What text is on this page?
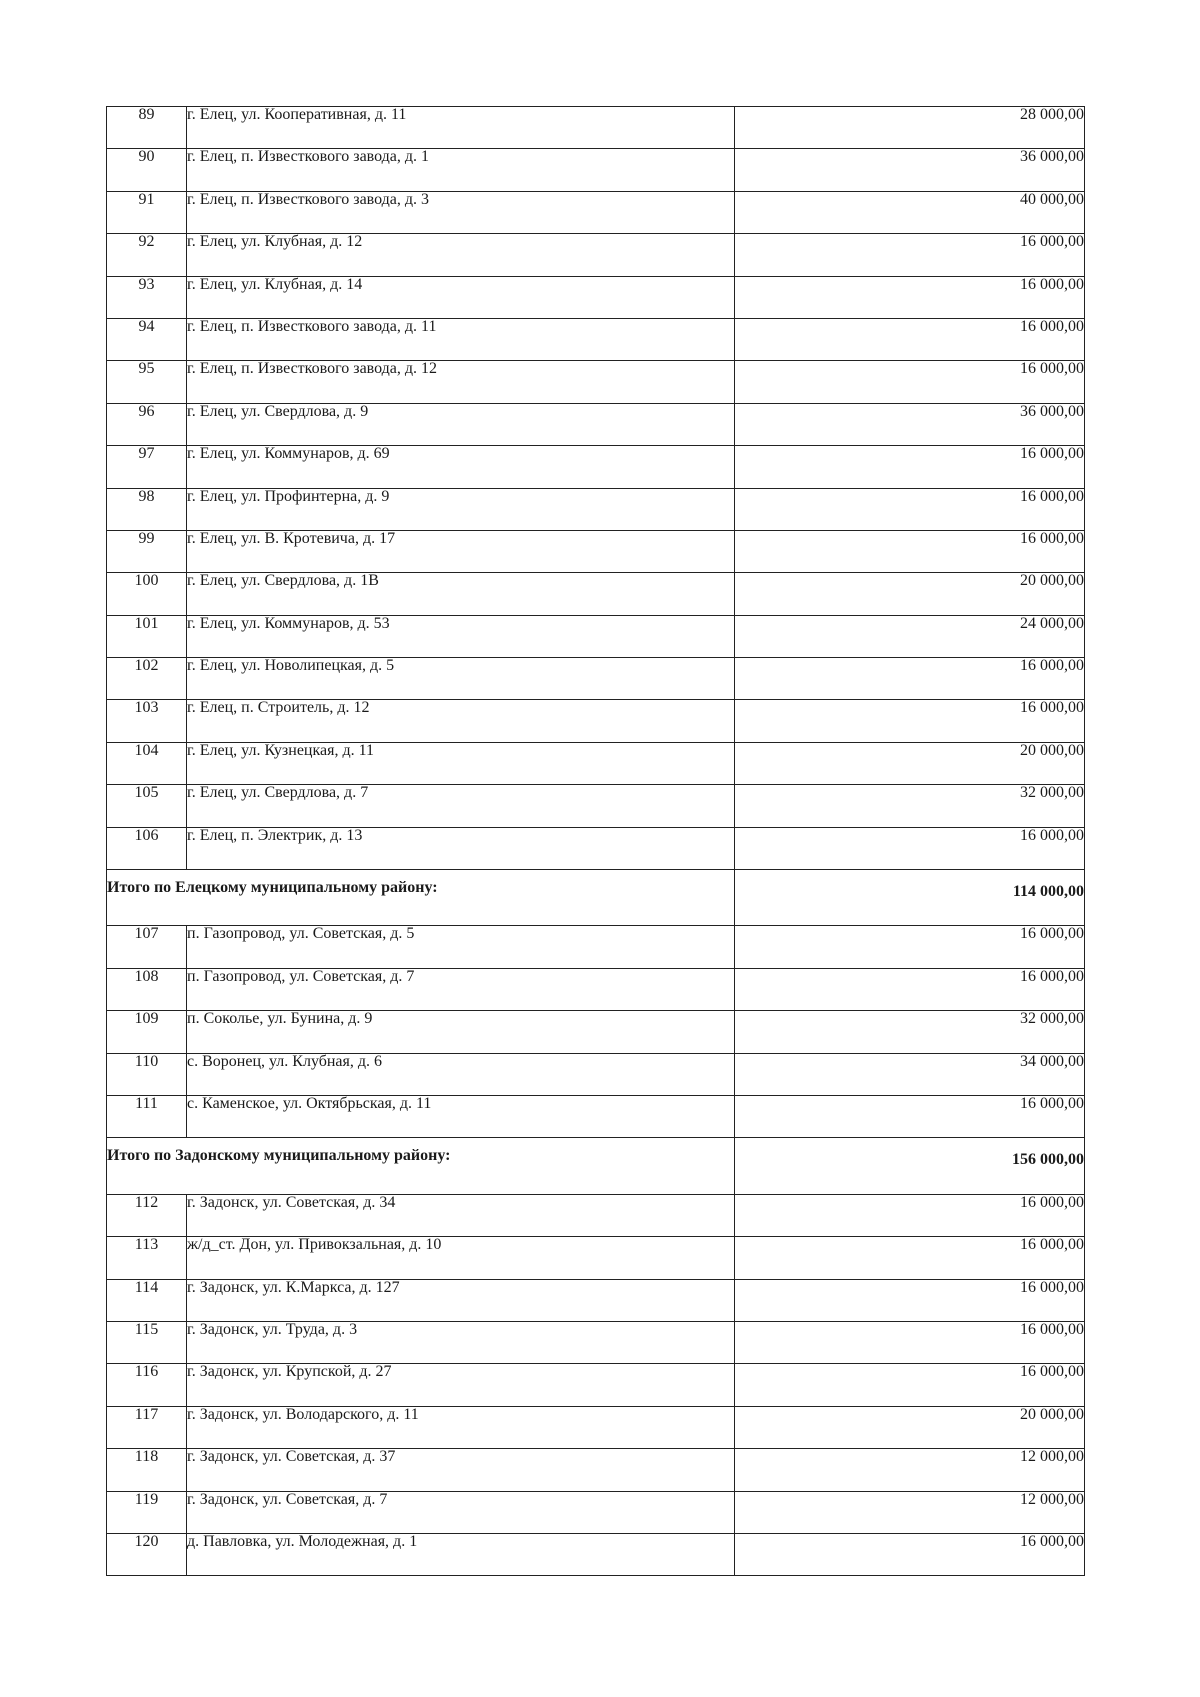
89	г. Елец, ул. Кооперативная, д. 11	28 000,00
90	г. Елец, п. Известкового завода, д. 1	36 000,00
91	г. Елец, п. Известкового завода, д. 3	40 000,00
92	г. Елец, ул. Клубная, д. 12	16 000,00
93	г. Елец, ул. Клубная, д. 14	16 000,00
94	г. Елец, п. Известкового завода, д. 11	16 000,00
95	г. Елец, п. Известкового завода, д. 12	16 000,00
96	г. Елец, ул. Свердлова, д. 9	36 000,00
97	г. Елец, ул. Коммунаров, д. 69	16 000,00
98	г. Елец, ул. Профинтерна, д. 9	16 000,00
99	г. Елец, ул. В. Кротевича, д. 17	16 000,00
100	г. Елец, ул. Свердлова, д. 1В	20 000,00
101	г. Елец, ул. Коммунаров, д. 53	24 000,00
102	г. Елец, ул. Новолипецкая, д. 5	16 000,00
103	г. Елец, п. Строитель, д. 12	16 000,00
104	г. Елец, ул. Кузнецкая, д. 11	20 000,00
105	г. Елец, ул. Свердлова, д. 7	32 000,00
106	г. Елец, п. Электрик, д. 13	16 000,00
Итого по Елецкому муниципальному району:		114 000,00
107	п. Газопровод, ул. Советская, д. 5	16 000,00
108	п. Газопровод, ул. Советская, д. 7	16 000,00
109	п. Сокольe, ул. Бунина, д. 9	32 000,00
110	с. Воронец, ул. Клубная, д. 6	34 000,00
111	с. Каменское, ул. Октябрьская, д. 11	16 000,00
Итого по Задонскому муниципальному району:		156 000,00
112	г. Задонск, ул. Советская, д. 34	16 000,00
113	ж/д_ст. Дон, ул. Привокзальная, д. 10	16 000,00
114	г. Задонск, ул. К.Маркса, д. 127	16 000,00
115	г. Задонск, ул. Труда, д. 3	16 000,00
116	г. Задонск, ул. Крупской, д. 27	16 000,00
117	г. Задонск, ул. Володарского, д. 11	20 000,00
118	г. Задонск, ул. Советская, д. 37	12 000,00
119	г. Задонск, ул. Советская, д. 7	12 000,00
120	д. Павловка, ул. Молодежная, д. 1	16 000,00
